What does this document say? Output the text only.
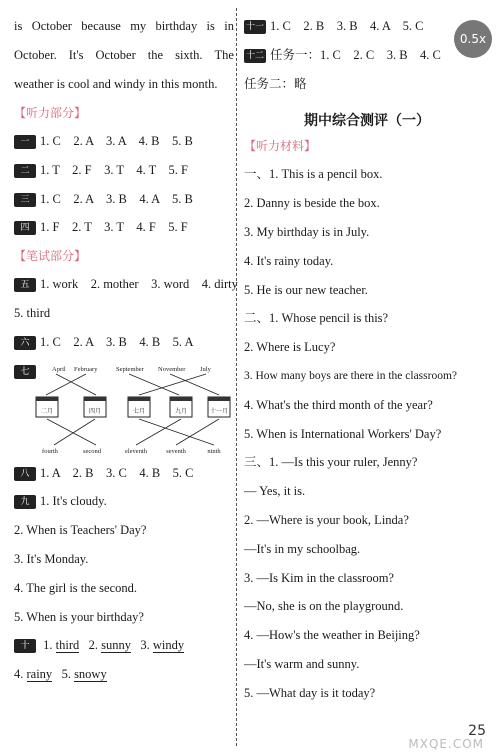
0.5x
is October because my birthday is in
October. It's October the sixth. The
weather is cool and windy in this month.
【听力部分】
一 1. C　2. A　3. A　4. B　5. B
二 1. T　2. F　3. T　4. T　5. F
三 1. C　2. A　3. B　4. A　5. B
四 1. F　2. T　3. T　4. F　5. F
【笔试部分】
五 1. work　2. mother　3. word　4. dirty
5. third
六 1. C　2. A　3. B　4. B　5. A
七	April February	September November July
二月	四月	七月	九月	十一月
fourth	second	eleventh	seventh	ninth
八 1. A　2. B　3. C　4. B　5. C
九 1. It's cloudy.
2. When is Teachers' Day?
3. It's Monday.
4. The girl is the second.
5. When is your birthday?
十 1. third 2. sunny 3. windy
4. rainy 5. snowy
十一 1. C　2. B　3. B　4. A　5. C
十二 任务一：1. C　2. C　3. B　4. C
任务二：略
期中综合测评（一）
【听力材料】
一、1. This is a pencil box.
2. Danny is beside the box.
3. My birthday is in July.
4. It's rainy today.
5. He is our new teacher.
二、1. Whose pencil is this?
2. Where is Lucy?
3. How many boys are there in the classroom?
4. What's the third month of the year?
5. When is International Workers' Day?
三、1. —Is this your ruler, Jenny?
— Yes, it is.
2. —Where is your book, Linda?
—It's in my schoolbag.
3. —Is Kim in the classroom?
—No, she is on the playground.
4. —How's the weather in Beijing?
—It's warm and sunny.
5. —What day is it today?
MXQE.COM
25
